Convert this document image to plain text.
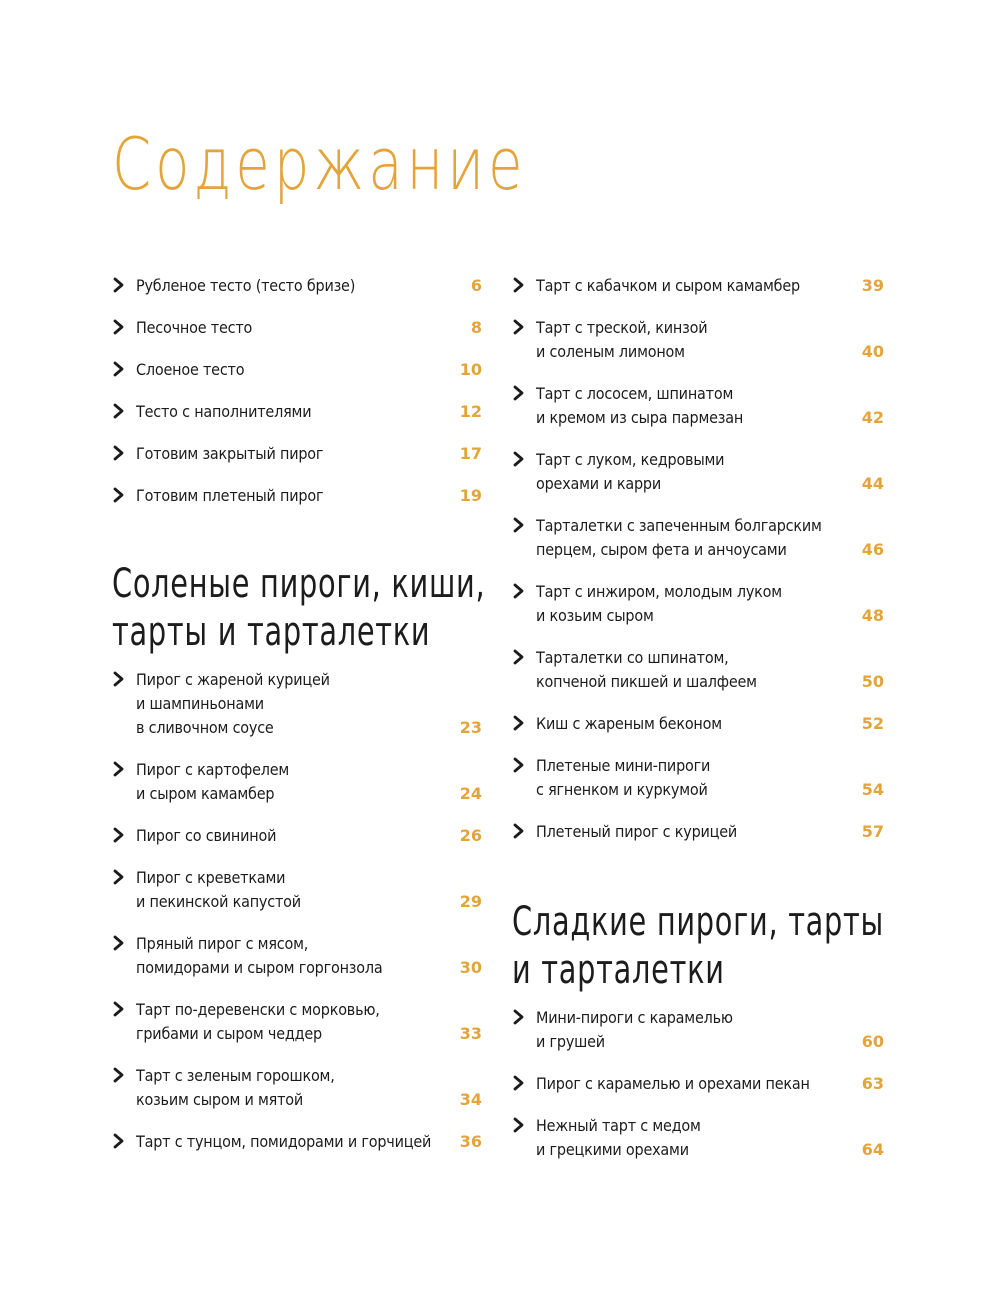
Содержание
Рубленое тесто (тесто бризе)	6
Песочное тесто	8
Слоеное тесто	10
Тесто с наполнителями	12
Готовим закрытый пирог	17
Готовим плетеный пирог	19
Соленые пироги, киши,
тарты и тарталетки
Пирог с жареной курицей
и шампиньонами
в сливочном соусе	23
Пирог с картофелем
и сыром камамбер	24
Пирог со свининой	26
Пирог с креветками
и пекинской капустой	29
Пряный пирог с мясом,
помидорами и сыром горгонзола	30
Тарт по-деревенски с морковью,
грибами и сыром чеддер	33
Тарт с зеленым горошком,
козьим сыром и мятой	34
Тарт с тунцом, помидорами и горчицей	36
Тарт с кабачком и сыром камамбер	39
Тарт с треской, кинзой
и соленым лимоном	40
Тарт с лососем, шпинатом
и кремом из сыра пармезан	42
Тарт с луком, кедровыми
орехами и карри	44
Тарталетки с запеченным болгарским
перцем, сыром фета и анчоусами	46
Тарт с инжиром, молодым луком
и козьим сыром	48
Тарталетки со шпинатом,
копченой пикшей и шалфеем	50
Киш с жареным беконом	52
Плетеные мини-пироги
с ягненком и куркумой	54
Плетеный пирог с курицей	57
Сладкие пироги, тарты
и тарталетки
Мини-пироги с карамелью
и грушей	60
Пирог с карамелью и орехами пекан	63
Нежный тарт с медом
и грецкими орехами	64
